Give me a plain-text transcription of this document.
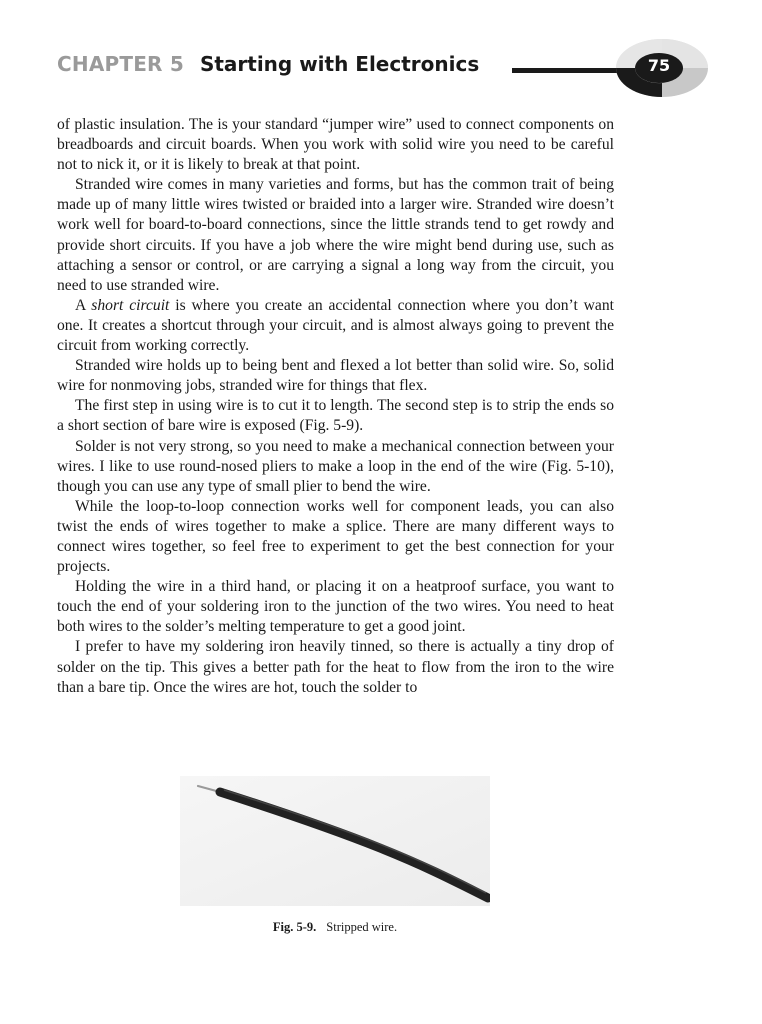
CHAPTER 5 Starting with Electronics	75

of plastic insulation. The is your standard “jumper wire” used to connect components on breadboards and circuit boards. When you work with solid wire you need to be careful not to nick it, or it is likely to break at that point.

Stranded wire comes in many varieties and forms, but has the common trait of being made up of many little wires twisted or braided into a larger wire. Stranded wire doesn’t work well for board-to-board connections, since the little strands tend to get rowdy and provide short circuits. If you have a job where the wire might bend during use, such as attaching a sensor or control, or are carrying a signal a long way from the circuit, you need to use stranded wire.

A short circuit is where you create an accidental connection where you don’t want one. It creates a shortcut through your circuit, and is almost always going to prevent the circuit from working correctly.

Stranded wire holds up to being bent and flexed a lot better than solid wire. So, solid wire for nonmoving jobs, stranded wire for things that flex.

The first step in using wire is to cut it to length. The second step is to strip the ends so a short section of bare wire is exposed (Fig. 5-9).

Solder is not very strong, so you need to make a mechanical connection between your wires. I like to use round-nosed pliers to make a loop in the end of the wire (Fig. 5-10), though you can use any type of small plier to bend the wire.

While the loop-to-loop connection works well for component leads, you can also twist the ends of wires together to make a splice. There are many different ways to connect wires together, so feel free to experiment to get the best connection for your projects.

Holding the wire in a third hand, or placing it on a heatproof surface, you want to touch the end of your soldering iron to the junction of the two wires. You need to heat both wires to the solder’s melting temperature to get a good joint.

I prefer to have my soldering iron heavily tinned, so there is actually a tiny drop of solder on the tip. This gives a better path for the heat to flow from the iron to the wire than a bare tip. Once the wires are hot, touch the solder to

Fig. 5-9. Stripped wire.
